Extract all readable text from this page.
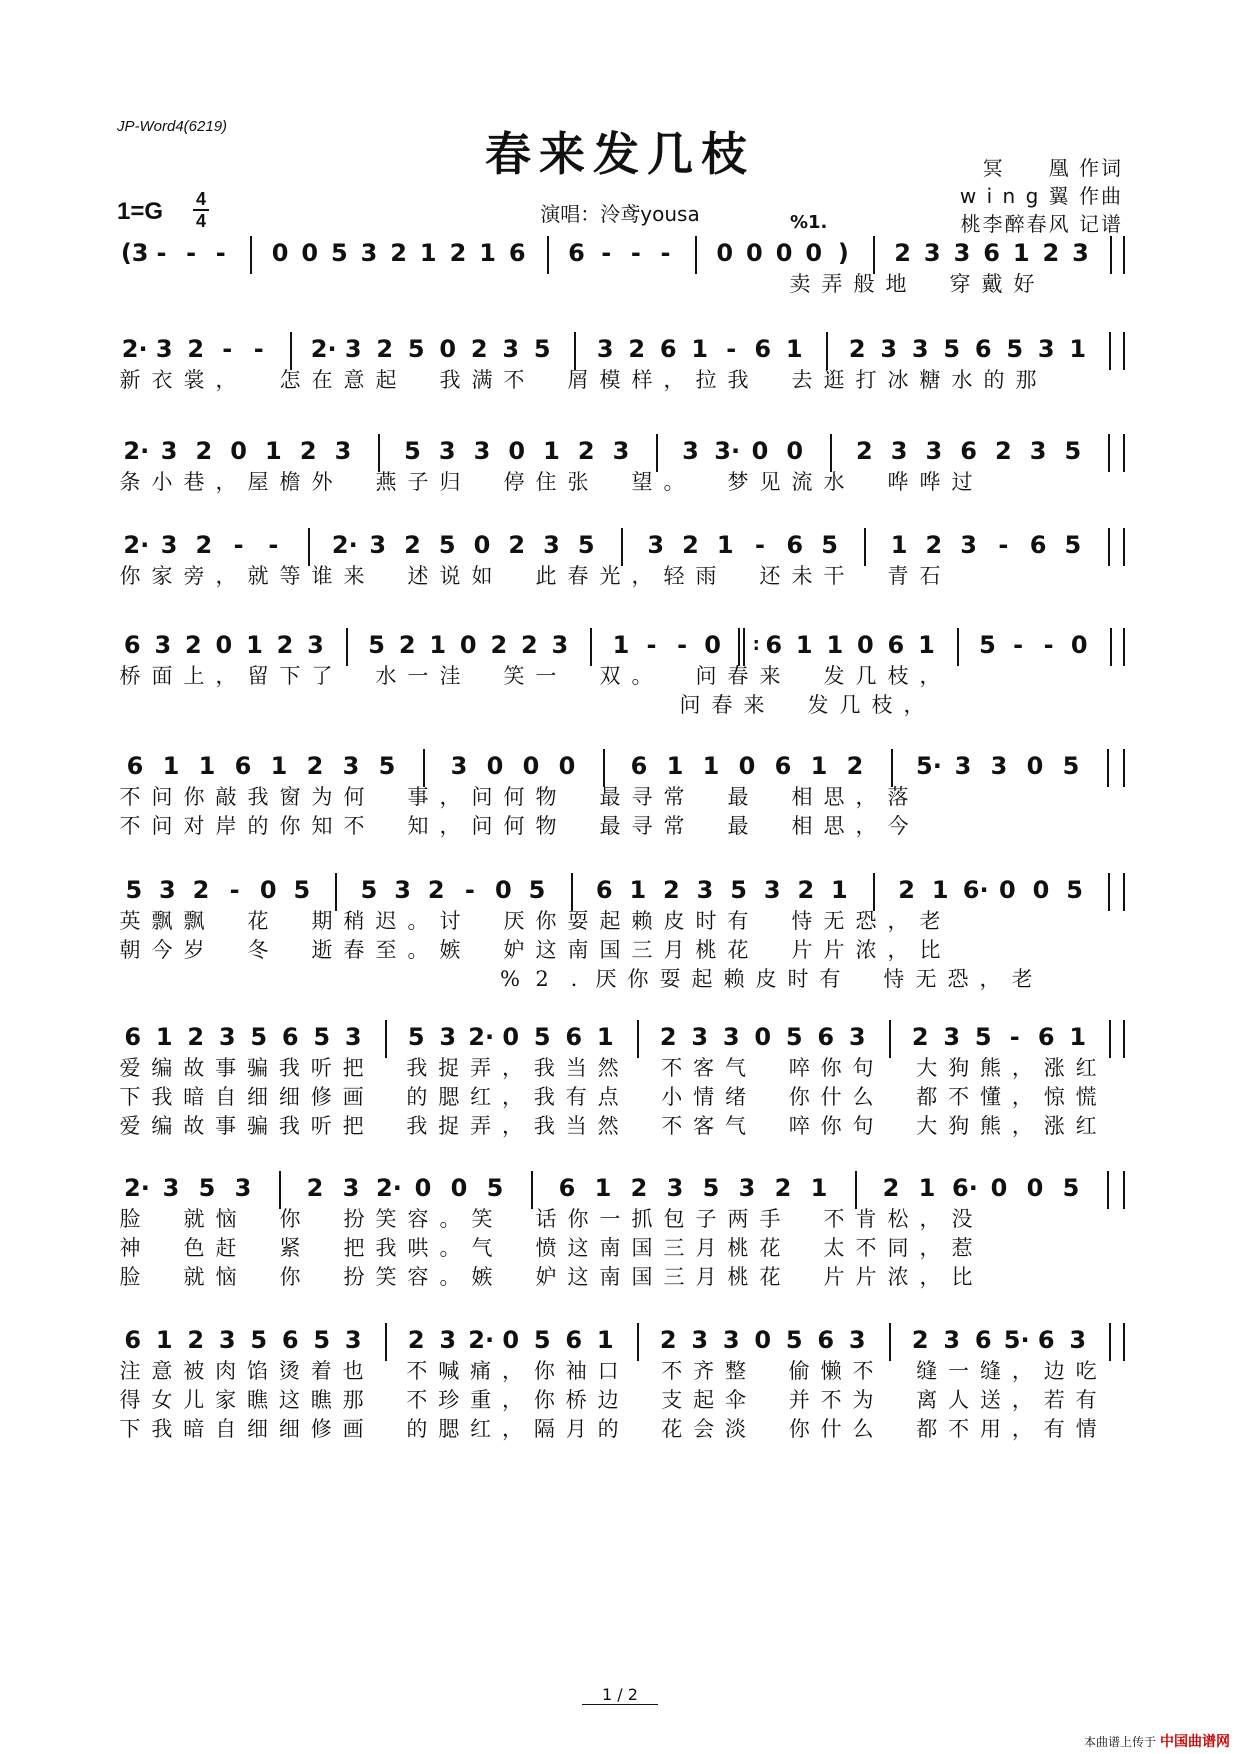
JP-Word4(6219)
春来发几枝
1=G 4
4	演唱：泠鸢yousa
冥　　凰 作词
w i n g 翼 作曲
桃李醉春风 记谱
(3 - - - 0 0 5 3 2 1 2 1 6 6 - - - 0 0 0 0 ) 2 3 3 6 1 2 3
卖 弄 般 地 穿 戴 好
2· 3 2 - - 2· 3 2 5 0 2 3 5 3 2 6 1 - 6 1 2 3 3 5 6 5 3 1
新 衣 裳 ，
　 怎 在 意 起 我 满 不 屑 模 样 ， 拉 我 去 逛 打 冰 糖 水 的 那
2· 3 2 0 1 2 3 5 3 3 0 1 2 3 3 3· 0 0 2 3 3 6 2 3 5
条 小 巷 ， 屋 檐 外 燕 子 归 停 住 张 望 。 梦 见 流 水 哗 哗 过
2· 3 2 - - 2· 3 2 5 0 2 3 5 3 2 1 - 6 5 1 2 3 - 6 5
你 家 旁 ， 就 等 谁 来 述 说 如 此 春 光 ， 轻 雨 还 未 干 青 石
6 3 2 0 1 2 3 5 2 1 0 2 2 3 1 - - 0	: 6 1 1 0 6 1 5 - - 0
桥 面 上 ， 留 下 了 水 一 洼 笑 一 双 。 问 春 来 发 几 枝 ，
问 春 来 发 几 枝 ，
6 1 1 6 1 2 3 5 3 0 0 0 6 1 1 0 6 1 2 5· 3 3 0 5
不 问 你 敲 我 窗 为 何 事 ， 问 何 物 最 寻 常 最 相 思 ， 落
不 问 对 岸 的 你 知 不 知 ， 问 何 物 最 寻 常 最 相 思 ， 今
5 3 2 - 0 5 5 3 2 - 0 5 6 1 2 3 5 3 2 1 2 1 6· 0 0 5
英 飘 飘 花 期 稍 迟 。 讨 厌 你 耍 起 赖 皮 时 有 恃 无 恐 ， 老
朝 今 岁 冬 逝 春 至 。 嫉 妒 这 南 国 三 月 桃 花 片 片 浓 ， 比
% 2	. 厌 你 耍 起 赖 皮 时 有 恃 无 恐 ， 老
6 1 2 3 5 6 5 3 5 3 2· 0 5 6 1 2 3 3 0 5 6 3 2 3 5 - 6 1
爱 编 故 事 骗 我 听 把 我 捉 弄 ， 我 当 然 不 客 气 啐 你 句 大 狗 熊 ， 涨 红
下 我 暗 自 细 细 修 画 的 腮 红 ， 我 有 点 小 情 绪 你 什 么 都 不 懂 ， 惊 慌
爱 编 故 事 骗 我 听 把 我 捉 弄 ， 我 当 然 不 客 气 啐 你 句 大 狗 熊 ， 涨 红
2· 3 5 3 2 3 2· 0 0 5 6 1 2 3 5 3 2 1 2 1 6· 0 0 5
脸 就 恼 你 扮 笑 容 。 笑 话 你 一 抓 包 子 两 手 不 肯 松 ， 没
神 色 赶 紧 把 我 哄 。 气 愤 这 南 国 三 月 桃 花 太 不 同 ， 惹
脸 就 恼 你 扮 笑 容 。 嫉 妒 这 南 国 三 月 桃 花 片 片 浓 ， 比
6 1 2 3 5 6 5 3 2 3 2· 0 5 6 1 2 3 3 0 5 6 3 2 3 6 5· 6 3
注 意 被 肉 馅 烫 着 也 不 喊 痛 ， 你 袖 口 不 齐 整 偷 懒 不 缝 一 缝 ， 边 吃
得 女 儿 家 瞧 这 瞧 那 不 珍 重 ， 你 桥 边 支 起 伞 并 不 为 离 人 送 ， 若 有
下 我 暗 自 细 细 修 画 的 腮 红 ， 隔 月 的 花 会 淡 你 什 么 都 不 用 ， 有 情
1 / 2
本曲谱上传于 中国曲谱网
%1.
